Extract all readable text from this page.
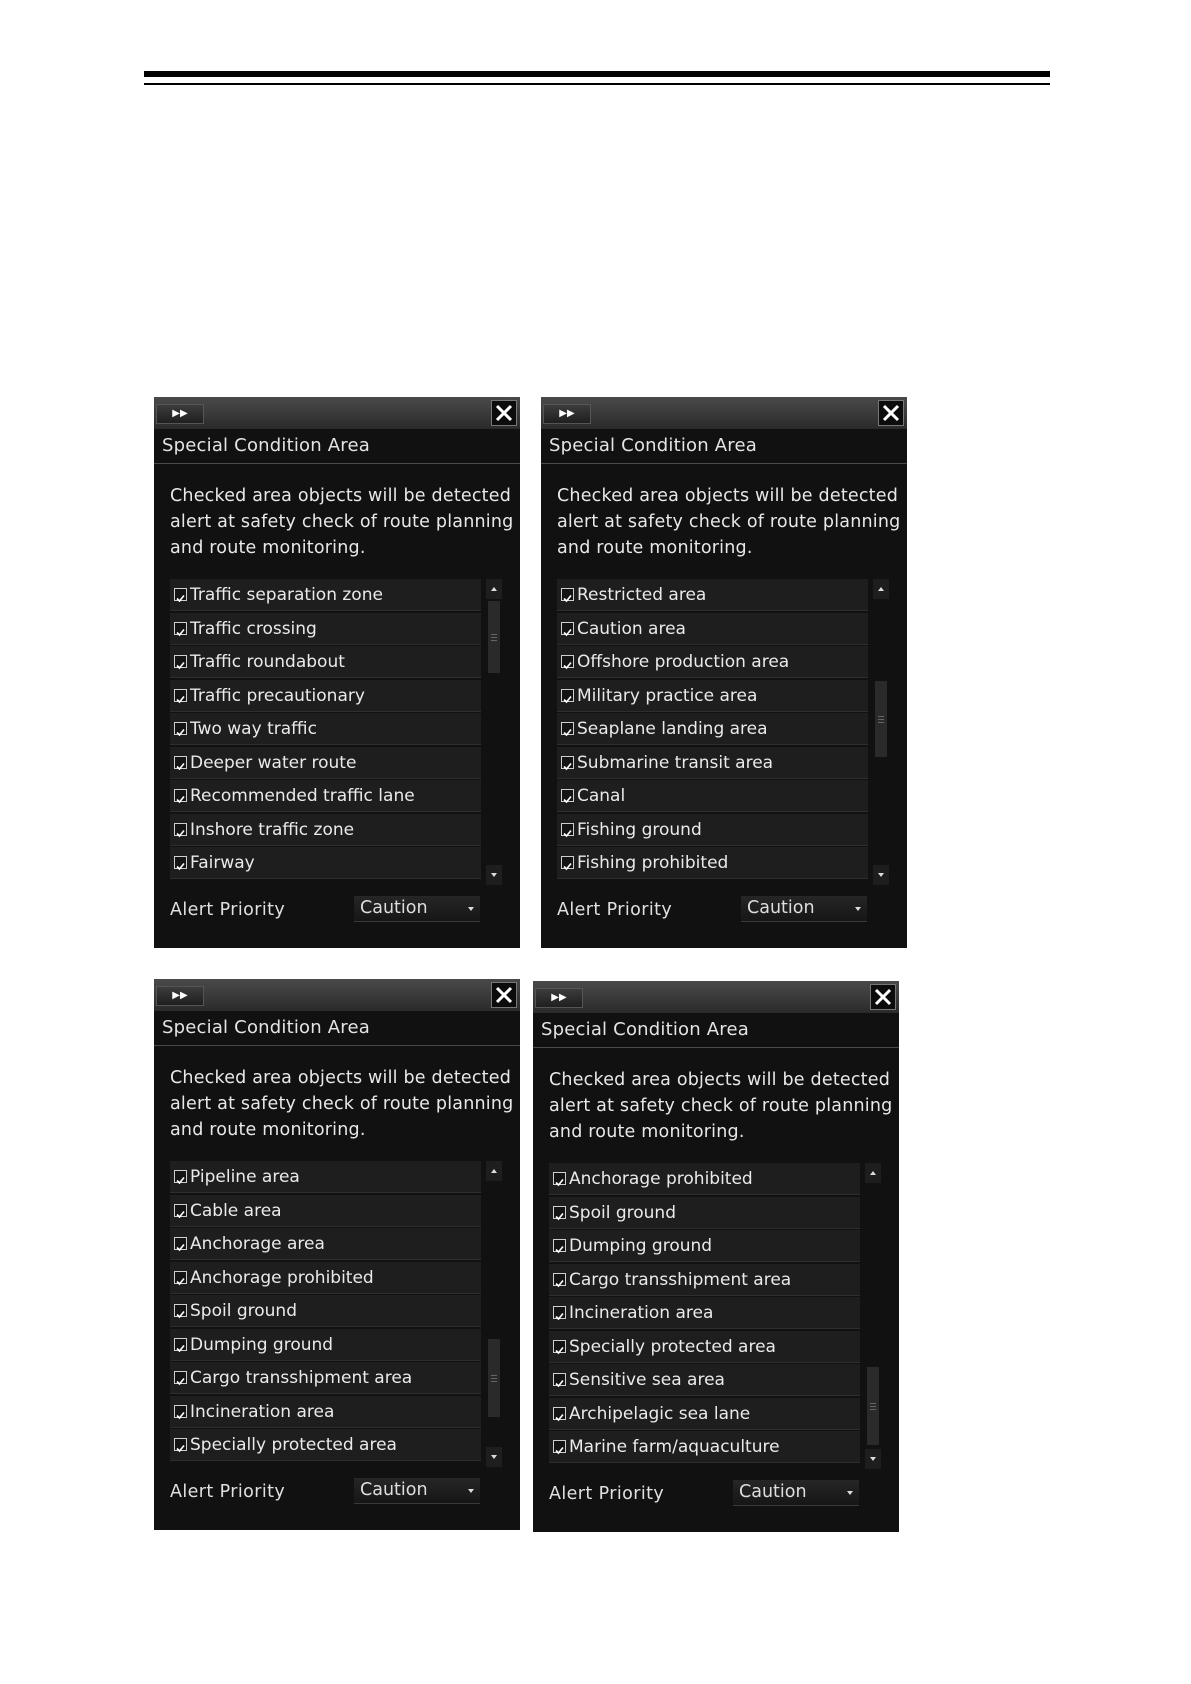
▶▶
Special Condition Area
Checked area objects will be detected alert at safety check of route planning and route monitoring.
Traffic separation zone
Traffic crossing
Traffic roundabout
Traffic precautionary
Two way traffic
Deeper water route
Recommended traffic lane
Inshore traffic zone
Fairway
Alert Priority	Caution
▶▶
Special Condition Area
Checked area objects will be detected alert at safety check of route planning and route monitoring.
Restricted area
Caution area
Offshore production area
Military practice area
Seaplane landing area
Submarine transit area
Canal
Fishing ground
Fishing prohibited
Alert Priority	Caution
▶▶
Special Condition Area
Checked area objects will be detected alert at safety check of route planning and route monitoring.
Pipeline area
Cable area
Anchorage area
Anchorage prohibited
Spoil ground
Dumping ground
Cargo transshipment area
Incineration area
Specially protected area
Alert Priority	Caution
▶▶
Special Condition Area
Checked area objects will be detected alert at safety check of route planning and route monitoring.
Anchorage prohibited
Spoil ground
Dumping ground
Cargo transshipment area
Incineration area
Specially protected area
Sensitive sea area
Archipelagic sea lane
Marine farm/aquaculture
Alert Priority	Caution
